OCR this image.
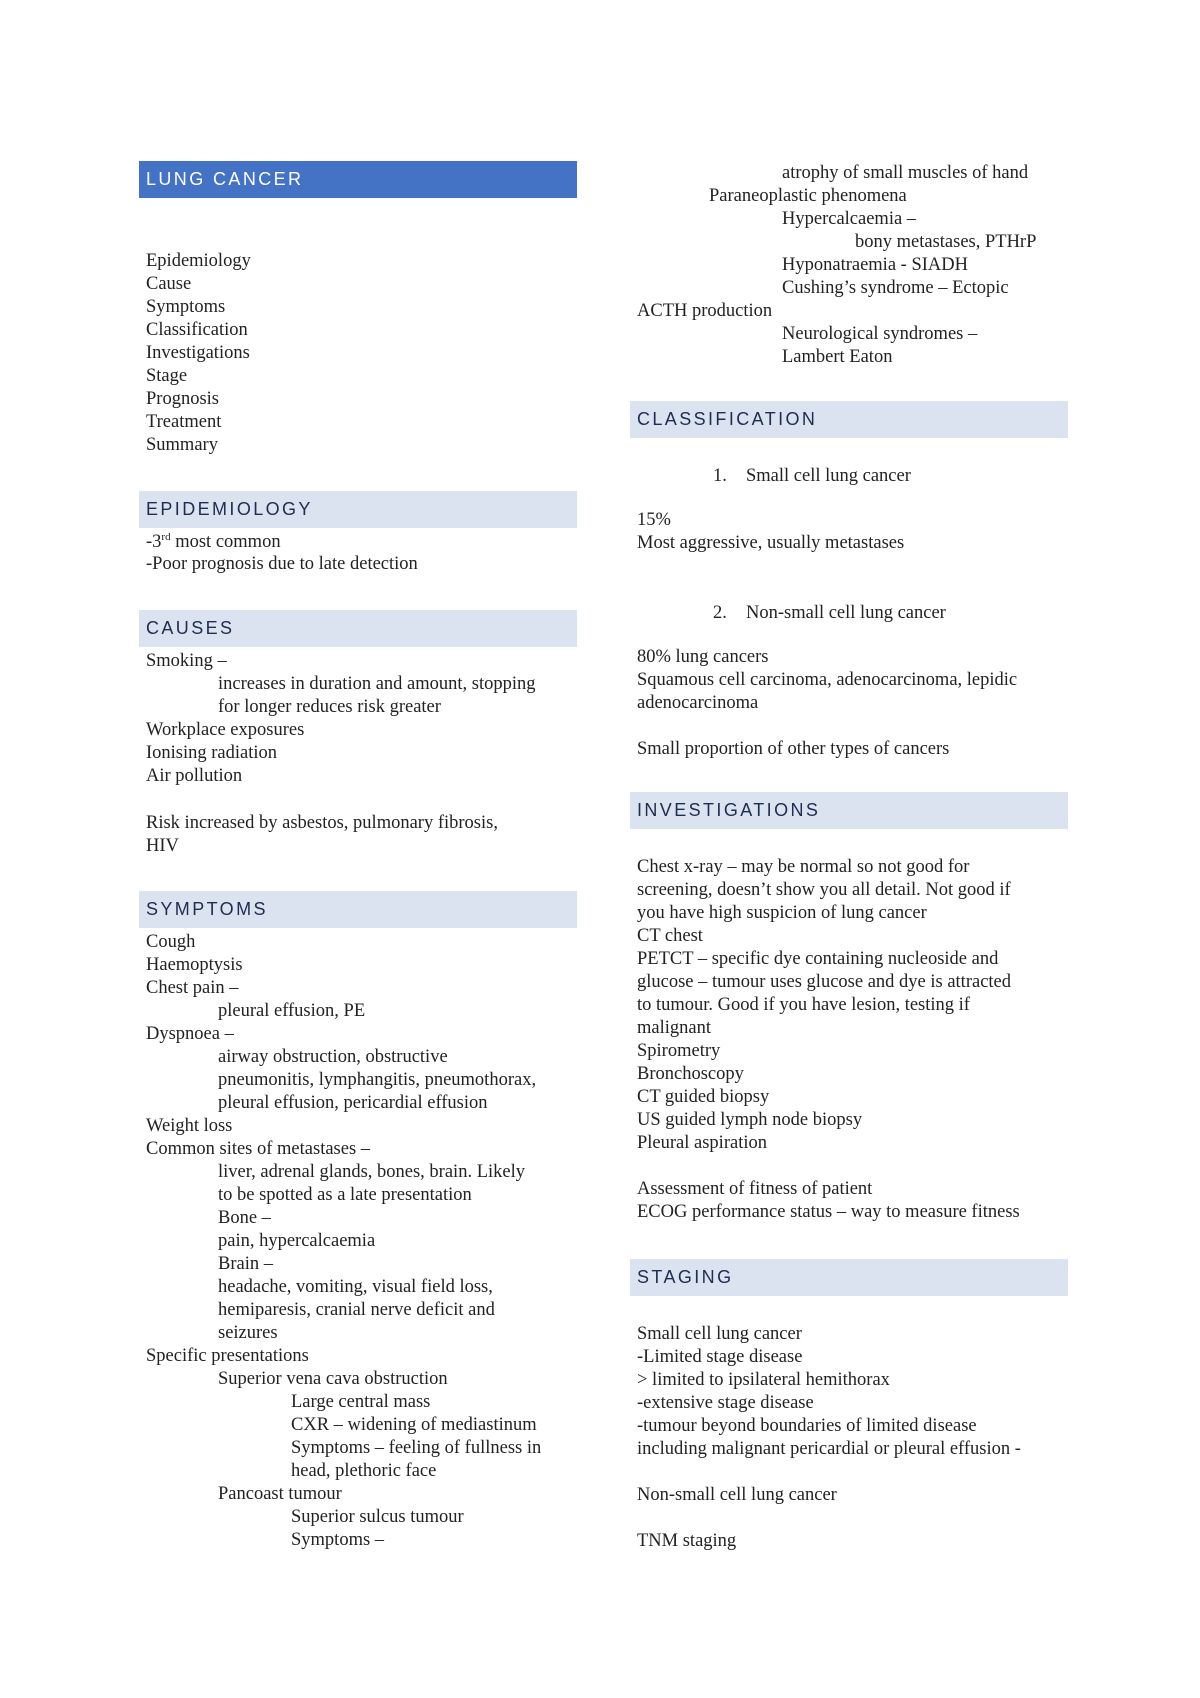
LUNG CANCER
Epidemiology
Cause
Symptoms
Classification
Investigations
Stage
Prognosis
Treatment
Summary
EPIDEMIOLOGY
-3rd most common
-Poor prognosis due to late detection
CAUSES
Smoking –
increases in duration and amount, stopping
for longer reduces risk greater
Workplace exposures
Ionising radiation
Air pollution
Risk increased by asbestos, pulmonary fibrosis,
HIV
SYMPTOMS
Cough
Haemoptysis
Chest pain –
pleural effusion, PE
Dyspnoea –
airway obstruction, obstructive
pneumonitis, lymphangitis, pneumothorax,
pleural effusion, pericardial effusion
Weight loss
Common sites of metastases –
liver, adrenal glands, bones, brain. Likely
to be spotted as a late presentation
Bone –
pain, hypercalcaemia
Brain –
headache, vomiting, visual field loss,
hemiparesis, cranial nerve deficit and
seizures
Specific presentations
Superior vena cava obstruction
Large central mass
CXR – widening of mediastinum
Symptoms – feeling of fullness in
head, plethoric face
Pancoast tumour
Superior sulcus tumour
Symptoms –
atrophy of small muscles of hand
Paraneoplastic phenomena
Hypercalcaemia –
bony metastases, PTHrP
Hyponatraemia - SIADH
Cushing’s syndrome – Ectopic
ACTH production
Neurological syndromes –
Lambert Eaton
CLASSIFICATION
1. Small cell lung cancer
15%
Most aggressive, usually metastases
2. Non-small cell lung cancer
80% lung cancers
Squamous cell carcinoma, adenocarcinoma, lepidic
adenocarcinoma
Small proportion of other types of cancers
INVESTIGATIONS
Chest x-ray – may be normal so not good for
screening, doesn’t show you all detail. Not good if
you have high suspicion of lung cancer
CT chest
PETCT – specific dye containing nucleoside and
glucose – tumour uses glucose and dye is attracted
to tumour. Good if you have lesion, testing if
malignant
Spirometry
Bronchoscopy
CT guided biopsy
US guided lymph node biopsy
Pleural aspiration
Assessment of fitness of patient
ECOG performance status – way to measure fitness
STAGING
Small cell lung cancer
-Limited stage disease
> limited to ipsilateral hemithorax
-extensive stage disease
-tumour beyond boundaries of limited disease
including malignant pericardial or pleural effusion -
Non-small cell lung cancer
TNM staging
